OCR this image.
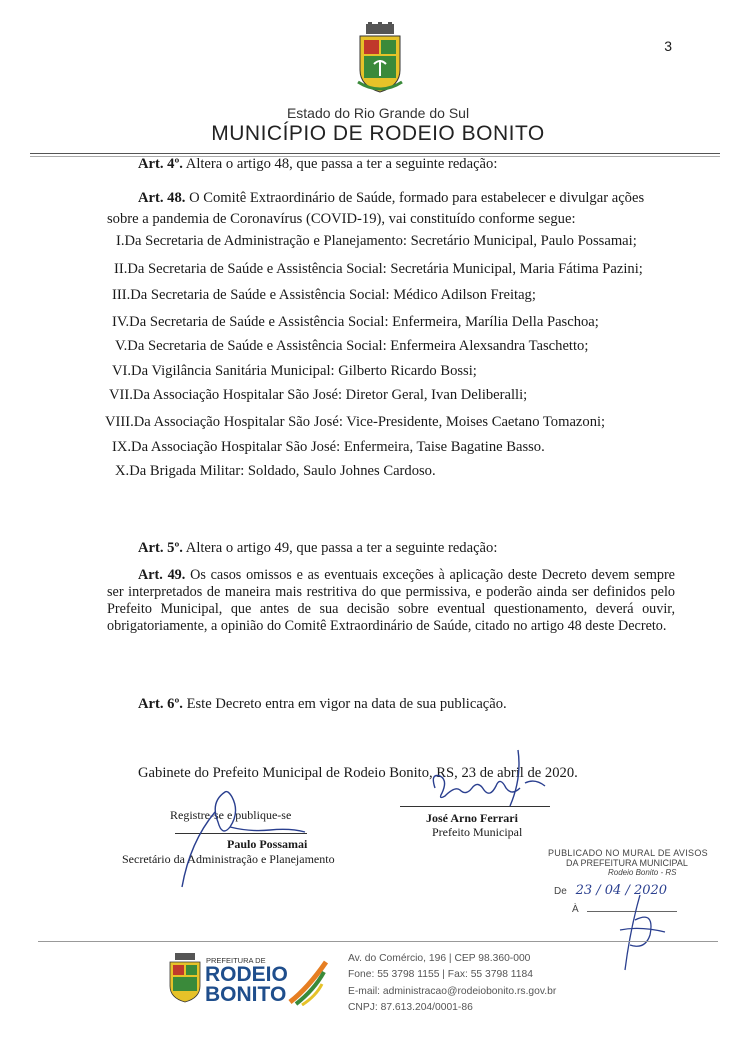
3
Estado do Rio Grande do Sul
MUNICÍPIO DE RODEIO BONITO
Art. 4º. Altera o artigo 48, que passa a ter a seguinte redação:
Art. 48. O Comitê Extraordinário de Saúde, formado para estabelecer e divulgar ações sobre a pandemia de Coronavírus (COVID-19), vai constituído conforme segue:
I.Da Secretaria de Administração e Planejamento: Secretário Municipal, Paulo Possamai;
II.Da Secretaria de Saúde e Assistência Social: Secretária Municipal, Maria Fátima Pazini;
III.Da Secretaria de Saúde e Assistência Social: Médico Adilson Freitag;
IV.Da Secretaria de Saúde e Assistência Social: Enfermeira, Marília Della Paschoa;
V.Da Secretaria de Saúde e Assistência Social: Enfermeira Alexsandra Taschetto;
VI.Da Vigilância Sanitária Municipal: Gilberto Ricardo Bossi;
VII.Da Associação Hospitalar São José: Diretor Geral, Ivan Deliberalli;
VIII.Da Associação Hospitalar São José: Vice-Presidente, Moises Caetano Tomazoni;
IX.Da Associação Hospitalar São José: Enfermeira, Taise Bagatine Basso.
X.Da Brigada Militar: Soldado, Saulo Johnes Cardoso.
Art. 5º. Altera o artigo 49, que passa a ter a seguinte redação:
Art. 49. Os casos omissos e as eventuais exceções à aplicação deste Decreto devem sempre ser interpretados de maneira mais restritiva do que permissiva, e poderão ainda ser definidos pelo Prefeito Municipal, que antes de sua decisão sobre eventual questionamento, deverá ouvir, obrigatoriamente, a opinião do Comitê Extraordinário de Saúde, citado no artigo 48 deste Decreto.
Art. 6º. Este Decreto entra em vigor na data de sua publicação.
Gabinete do Prefeito Municipal de Rodeio Bonito, RS, 23 de abril de 2020.
Registre-se e publique-se
Paulo Possamai
Secretário da Administração e Planejamento
José Arno Ferrari
Prefeito Municipal
PUBLICADO NO MURAL DE AVISOS
DA PREFEITURA MUNICIPAL
Rodeio Bonito - RS
De 23 / 04 / 2020
À
PREFEITURA DE
RODEIO
BONITO
Av. do Comércio, 196 | CEP 98.360-000
Fone: 55 3798 1155 | Fax: 55 3798 1184
E-mail: administracao@rodeiobonito.rs.gov.br
CNPJ: 87.613.204/0001-86
